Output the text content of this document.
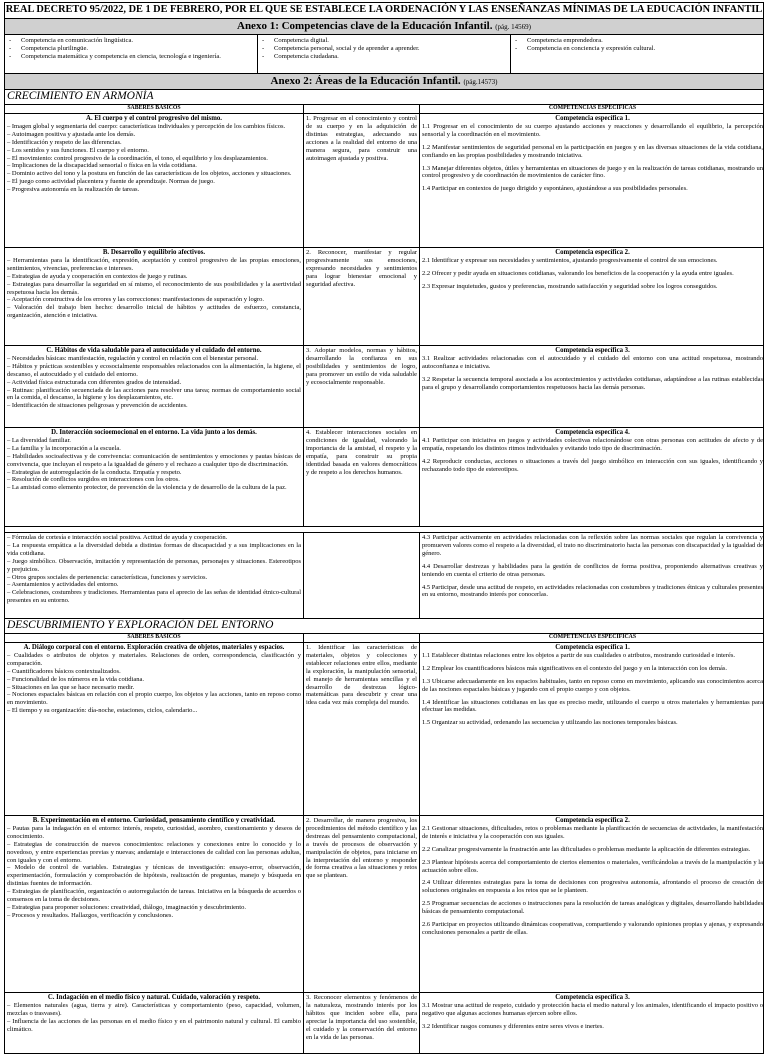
REAL DECRETO 95/2022, DE 1 DE FEBRERO, POR EL QUE SE ESTABLECE LA ORDENACIÓN Y LAS ENSEÑANZAS MÍNIMAS DE LA EDUCACIÓN INFANTIL
Anexo 1: Competencias clave de la Educación Infantil. (pág. 14569)
- Competencia en comunicación lingüística.
- Competencia plurilingüe.
- Competencia matemática y competencia en ciencia, tecnología e ingeniería.
- Competencia digital.
- Competencia personal, social y de aprender a aprender.
- Competencia ciudadana.
- Competencia emprendedora.
- Competencia en conciencia y expresión cultural.
Anexo 2: Áreas de la Educación Infantil. (pág.14573)
CRECIMIENTO EN ARMONÍA
SABERES BÁSICOS	COMPETENCIAS ESPECÍFICAS
A. El cuerpo y el control progresivo del mismo.
– Imagen global y segmentaria del cuerpo: características individuales y percepción de los cambios físicos.
– Autoimagen positiva y ajustada ante los demás.
– Identificación y respeto de las diferencias.
– Los sentidos y sus funciones. El cuerpo y el entorno.
– El movimiento: control progresivo de la coordinación, el tono, el equilibrio y los desplazamientos.
– Implicaciones de la discapacidad sensorial o física en la vida cotidiana.
– Dominio activo del tono y la postura en función de las características de los objetos, acciones y situaciones.
– El juego como actividad placentera y fuente de aprendizaje. Normas de juego.
– Progresiva autonomía en la realización de tareas.
1. Progresar en el conocimiento y control de su cuerpo y en la adquisición de distintas estrategias, adecuando sus acciones a la realidad del entorno de una manera segura, para construir una autoimagen ajustada y positiva.
Competencia específica 1.
1.1 Progresar en el conocimiento de su cuerpo ajustando acciones y reacciones y desarrollando el equilibrio, la percepción sensorial y la coordinación en el movimiento.
1.2 Manifestar sentimientos de seguridad personal en la participación en juegos y en las diversas situaciones de la vida cotidiana, confiando en las propias posibilidades y mostrando iniciativa.
1.3 Manejar diferentes objetos, útiles y herramientas en situaciones de juego y en la realización de tareas cotidianas, mostrando un control progresivo y de coordinación de movimientos de carácter fino.
1.4 Participar en contextos de juego dirigido y espontáneo, ajustándose a sus posibilidades personales.
B. Desarrollo y equilibrio afectivos.
– Herramientas para la identificación, expresión, aceptación y control progresivo de las propias emociones, sentimientos, vivencias, preferencias e intereses.
– Estrategias de ayuda y cooperación en contextos de juego y rutinas.
– Estrategias para desarrollar la seguridad en sí mismo, el reconocimiento de sus posibilidades y la asertividad respetuosa hacia los demás.
– Aceptación constructiva de los errores y las correcciones: manifestaciones de superación y logro.
– Valoración del trabajo bien hecho: desarrollo inicial de hábitos y actitudes de esfuerzo, constancia, organización, atención e iniciativa.
2. Reconocer, manifestar y regular progresivamente sus emociones, expresando necesidades y sentimientos para lograr bienestar emocional y seguridad afectiva.
Competencia específica 2.
2.1 Identificar y expresar sus necesidades y sentimientos, ajustando progresivamente el control de sus emociones.
2.2 Ofrecer y pedir ayuda en situaciones cotidianas, valorando los beneficios de la cooperación y la ayuda entre iguales.
2.3 Expresar inquietudes, gustos y preferencias, mostrando satisfacción y seguridad sobre los logros conseguidos.
C. Hábitos de vida saludable para el autocuidado y el cuidado del entorno.
– Necesidades básicas: manifestación, regulación y control en relación con el bienestar personal.
– Hábitos y prácticas sostenibles y ecosocialmente responsables relacionados con la alimentación, la higiene, el descanso, el autocuidado y el cuidado del entorno.
– Actividad física estructurada con diferentes grados de intensidad.
– Rutinas: planificación secuenciada de las acciones para resolver una tarea; normas de comportamiento social en la comida, el descanso, la higiene y los desplazamientos, etc.
– Identificación de situaciones peligrosas y prevención de accidentes.
3. Adoptar modelos, normas y hábitos, desarrollando la confianza en sus posibilidades y sentimientos de logro, para promover un estilo de vida saludable y ecosocialmente responsable.
Competencia específica 3.
3.1 Realizar actividades relacionadas con el autocuidado y el cuidado del entorno con una actitud respetuosa, mostrando autoconfianza e iniciativa.
3.2 Respetar la secuencia temporal asociada a los acontecimientos y actividades cotidianas, adaptándose a las rutinas establecidas para el grupo y desarrollando comportamientos respetuosos hacia las demás personas.
D. Interacción socioemocional en el entorno. La vida junto a los demás.
– La diversidad familiar.
– La familia y la incorporación a la escuela.
– Habilidades socioafectivas y de convivencia: comunicación de sentimientos y emociones y pautas básicas de convivencia, que incluyan el respeto a la igualdad de género y el rechazo a cualquier tipo de discriminación.
– Estrategias de autorregulación de la conducta. Empatía y respeto.
– Resolución de conflictos surgidos en interacciones con los otros.
– La amistad como elemento protector, de prevención de la violencia y de desarrollo de la cultura de la paz.
4. Establecer interacciones sociales en condiciones de igualdad, valorando la importancia de la amistad, el respeto y la empatía, para construir su propia identidad basada en valores democráticos y de respeto a los derechos humanos.
Competencia específica 4.
4.1 Participar con iniciativa en juegos y actividades colectivas relacionándose con otras personas con actitudes de afecto y de empatía, respetando los distintos ritmos individuales y evitando todo tipo de discriminación.
4.2 Reproducir conductas, acciones o situaciones a través del juego simbólico en interacción con sus iguales, identificando y rechazando todo tipo de estereotipos.
– Fórmulas de cortesía e interacción social positiva. Actitud de ayuda y cooperación.
– La respuesta empática a la diversidad debida a distintas formas de discapacidad y a sus implicaciones en la vida cotidiana.
– Juego simbólico. Observación, imitación y representación de personas, personajes y situaciones. Estereotipos y prejuicios.
– Otros grupos sociales de pertenencia: características, funciones y servicios.
– Asentamientos y actividades del entorno.
– Celebraciones, costumbres y tradiciones. Herramientas para el aprecio de las señas de identidad étnico-cultural presentes en su entorno.
4.3 Participar activamente en actividades relacionadas con la reflexión sobre las normas sociales que regulan la convivencia y promueven valores como el respeto a la diversidad, el trato no discriminatorio hacia las personas con discapacidad y la igualdad de género.
4.4 Desarrollar destrezas y habilidades para la gestión de conflictos de forma positiva, proponiendo alternativas creativas y teniendo en cuenta el criterio de otras personas.
4.5 Participar, desde una actitud de respeto, en actividades relacionadas con costumbres y tradiciones étnicas y culturales presentes en su entorno, mostrando interés por conocerlas.
DESCUBRIMIENTO Y EXPLORACIÓN DEL ENTORNO
SABERES BÁSICOS	COMPETENCIAS ESPECÍFICAS
A. Diálogo corporal con el entorno. Exploración creativa de objetos, materiales y espacios.
– Cualidades o atributos de objetos y materiales. Relaciones de orden, correspondencia, clasificación y comparación.
– Cuantificadores básicos contextualizados.
– Funcionalidad de los números en la vida cotidiana.
– Situaciones en las que se hace necesario medir.
– Nociones espaciales básicas en relación con el propio cuerpo, los objetos y las acciones, tanto en reposo como en movimiento.
– El tiempo y su organización: día-noche, estaciones, ciclos, calendario...
1. Identificar las características de materiales, objetos y colecciones y establecer relaciones entre ellos, mediante la exploración, la manipulación sensorial, el manejo de herramientas sencillas y el desarrollo de destrezas lógico-matemáticas para descubrir y crear una idea cada vez más compleja del mundo.
Competencia específica 1.
1.1 Establecer distintas relaciones entre los objetos a partir de sus cualidades o atributos, mostrando curiosidad e interés.
1.2 Emplear los cuantificadores básicos más significativos en el contexto del juego y en la interacción con los demás.
1.3 Ubicarse adecuadamente en los espacios habituales, tanto en reposo como en movimiento, aplicando sus conocimientos acerca de las nociones espaciales básicas y jugando con el propio cuerpo y con objetos.
1.4 Identificar las situaciones cotidianas en las que es preciso medir, utilizando el cuerpo u otros materiales y herramientas para efectuar las medidas.
1.5 Organizar su actividad, ordenando las secuencias y utilizando las nociones temporales básicas.
B. Experimentación en el entorno. Curiosidad, pensamiento científico y creatividad.
– Pautas para la indagación en el entorno: interés, respeto, curiosidad, asombro, cuestionamiento y deseos de conocimiento.
– Estrategias de construcción de nuevos conocimientos: relaciones y conexiones entre lo conocido y lo novedoso, y entre experiencias previas y nuevas; andamiaje e interacciones de calidad con las personas adultas, con iguales y con el entorno.
– Modelo de control de variables. Estrategias y técnicas de investigación: ensayo-error, observación, experimentación, formulación y comprobación de hipótesis, realización de preguntas, manejo y búsqueda en distintas fuentes de información.
– Estrategias de planificación, organización o autorregulación de tareas. Iniciativa en la búsqueda de acuerdos o consensos en la toma de decisiones.
– Estrategias para proponer soluciones: creatividad, diálogo, imaginación y descubrimiento.
– Procesos y resultados. Hallazgos, verificación y conclusiones.
2. Desarrollar, de manera progresiva, los procedimientos del método científico y las destrezas del pensamiento computacional, a través de procesos de observación y manipulación de objetos, para iniciarse en la interpretación del entorno y responder de forma creativa a las situaciones y retos que se plantean.
Competencia específica 2.
2.1 Gestionar situaciones, dificultades, retos o problemas mediante la planificación de secuencias de actividades, la manifestación de interés e iniciativa y la cooperación con sus iguales.
2.2 Canalizar progresivamente la frustración ante las dificultades o problemas mediante la aplicación de diferentes estrategias.
2.3 Plantear hipótesis acerca del comportamiento de ciertos elementos o materiales, verificándolas a través de la manipulación y la actuación sobre ellos.
2.4 Utilizar diferentes estrategias para la toma de decisiones con progresiva autonomía, afrontando el proceso de creación de soluciones originales en respuesta a los retos que se le planteen.
2.5 Programar secuencias de acciones o instrucciones para la resolución de tareas analógicas y digitales, desarrollando habilidades básicas de pensamiento computacional.
2.6 Participar en proyectos utilizando dinámicas cooperativas, compartiendo y valorando opiniones propias y ajenas, y expresando conclusiones personales a partir de ellas.
C. Indagación en el medio físico y natural. Cuidado, valoración y respeto.
– Elementos naturales (agua, tierra y aire). Características y comportamiento (peso, capacidad, volumen, mezclas o trasvases).
– Influencia de las acciones de las personas en el medio físico y en el patrimonio natural y cultural. El cambio climático.
3. Reconocer elementos y fenómenos de la naturaleza, mostrando interés por los hábitos que inciden sobre ella, para apreciar la importancia del uso sostenible, el cuidado y la conservación del entorno en la vida de las personas.
Competencia específica 3.
3.1 Mostrar una actitud de respeto, cuidado y protección hacia el medio natural y los animales, identificando el impacto positivo o negativo que algunas acciones humanas ejercen sobre ellos.
3.2 Identificar rasgos comunes y diferentes entre seres vivos e inertes.
